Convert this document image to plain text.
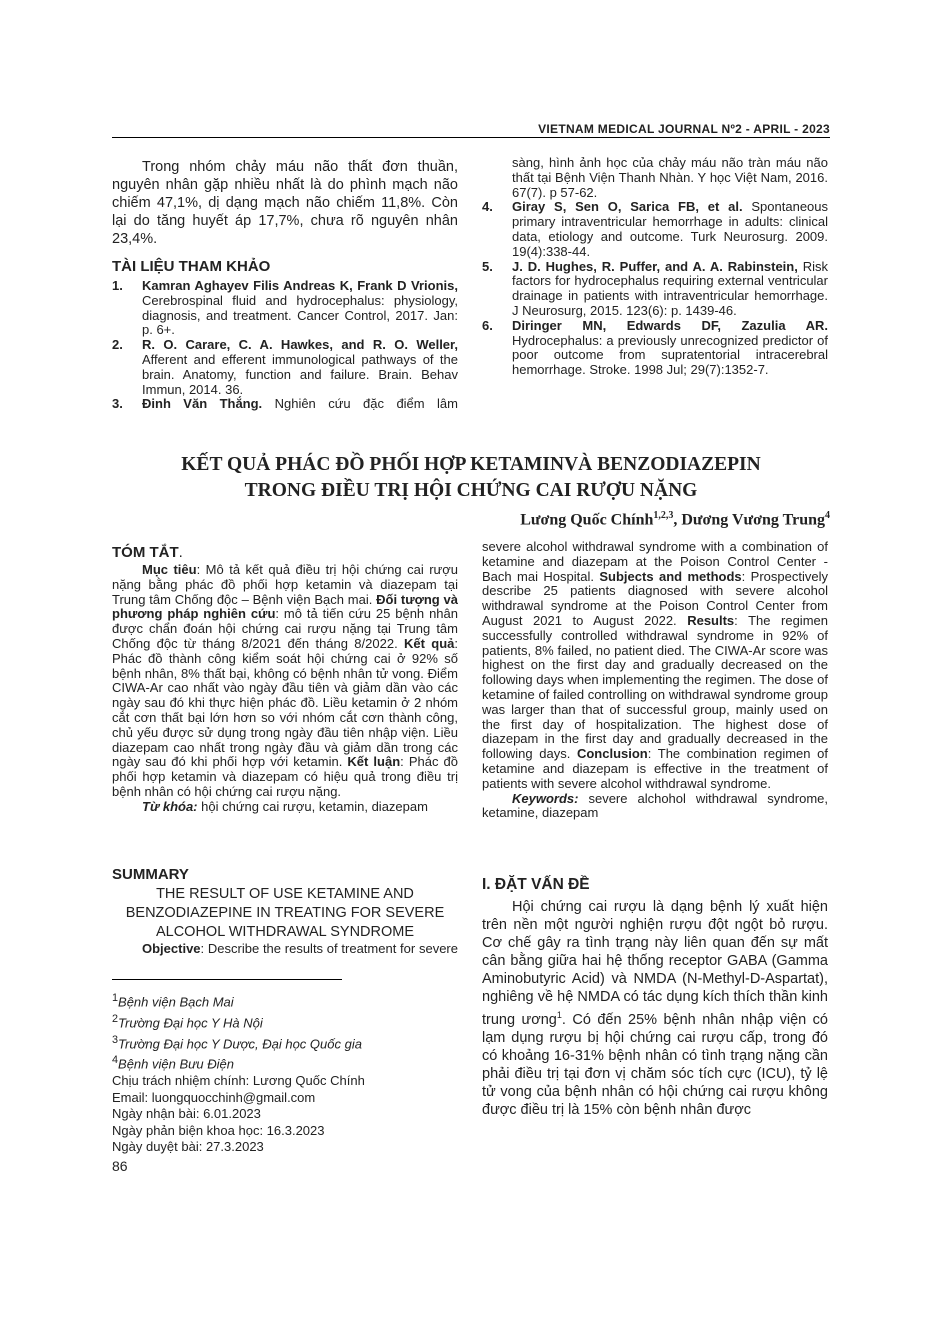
VIETNAM MEDICAL JOURNAL Nº2 - APRIL - 2023
Trong nhóm chảy máu não thất đơn thuần, nguyên nhân gặp nhiều nhất là do phình mạch não chiếm 47,1%, dị dạng mạch não chiếm 11,8%. Còn lại do tăng huyết áp 17,7%, chưa rõ nguyên nhân 23,4%.
TÀI LIỆU THAM KHẢO

1.	Kamran Aghayev Filis Andreas K, Frank D Vrionis, Cerebrospinal fluid and hydrocephalus: physiology, diagnosis, and treatment. Cancer Control, 2017. Jan: p. 6+.

2.	R. O. Carare, C. A. Hawkes, and R. O. Weller, Afferent and efferent immunological pathways of the brain. Anatomy, function and failure. Brain. Behav Immun, 2014. 36.

3.	Đinh Văn Thắng. Nghiên cứu đặc điểm lâm

sàng, hình ảnh học của chảy máu não tràn máu não thất tại Bệnh Viện Thanh Nhàn. Y học Việt Nam, 2016. 67(7). p 57-62.

4.	Giray S, Sen O, Sarica FB, et al. Spontaneous primary intraventricular hemorrhage in adults: clinical data, etiology and outcome. Turk Neurosurg. 2009. 19(4):338-44.

5.	J. D. Hughes, R. Puffer, and A. A. Rabinstein, Risk factors for hydrocephalus requiring external ventricular drainage in patients with intraventricular hemorrhage. J Neurosurg, 2015. 123(6): p. 1439-46.

6.	Diringer MN, Edwards DF, Zazulia AR. Hydrocephalus: a previously unrecognized predictor of poor outcome from supratentorial intracerebral hemorrhage. Stroke. 1998 Jul; 29(7):1352-7.

KẾT QUẢ PHÁC ĐỒ PHỐI HỢP KETAMINVÀ BENZODIAZEPIN
TRONG ĐIỀU TRỊ HỘI CHỨNG CAI RƯỢU NẶNG
Lương Quốc Chính$^{1,2,3}$, Dương Vương Trung$^4$
TÓM TẮT.
Mục tiêu: Mô tả kết quả điều trị hội chứng cai rượu nặng bằng phác đồ phối hợp ketamin và diazepam tại Trung tâm Chống độc – Bệnh viện Bạch mai. Đối tượng và phương pháp nghiên cứu: mô tả tiến cứu 25 bệnh nhân được chẩn đoán hội chứng cai rượu nặng tại Trung tâm Chống độc từ tháng 8/2021 đến tháng 8/2022. Kết quả: Phác đồ thành công kiểm soát hội chứng cai ở 92% số bệnh nhân, 8% thất bại, không có bệnh nhân tử vong. Điểm CIWA-Ar cao nhất vào ngày đầu tiên và giảm dần vào các ngày sau đó khi thực hiện phác đồ. Liều ketamin ở 2 nhóm cắt cơn thất bại lớn hơn so với nhóm cắt cơn thành công, chủ yếu được sử dụng trong ngày đầu tiên nhập viện. Liều diazepam cao nhất trong ngày đầu và giảm dần trong các ngày sau đó khi phối hợp với ketamin. Kết luận: Phác đồ phối hợp ketamin và diazepam có hiệu quả trong điều trị bệnh nhân có hội chứng cai rượu nặng.
Từ khóa: hội chứng cai rượu, ketamin, diazepam
SUMMARY
THE RESULT OF USE KETAMINE AND BENZODIAZEPINE IN TREATING FOR SEVERE ALCOHOL WITHDRAWAL SYNDROME
Objective: Describe the results of treatment for severe
$^1$Bệnh viện Bạch Mai
$^2$Trường Đại học Y Hà Nội
$^3$Trường Đại học Y Dược, Đại học Quốc gia
$^4$Bệnh viện Bưu Điện
Chịu trách nhiệm chính: Lương Quốc Chính
Email: luongquocchinh@gmail.com
Ngày nhận bài: 6.01.2023
Ngày phản biện khoa học: 16.3.2023
Ngày duyệt bài: 27.3.2023
86
severe alcohol withdrawal syndrome with a combination of ketamine and diazepam at the Poison Control Center - Bach mai Hospital. Subjects and methods: Prospectively describe 25 patients diagnosed with severe alcohol withdrawal syndrome at the Poison Control Center from August 2021 to August 2022. Results: The regimen successfully controlled withdrawal syndrome in 92% of patients, 8% failed, no patient died. The CIWA-Ar score was highest on the first day and gradually decreased on the following days when implementing the regimen. The dose of ketamine of failed controlling on withdrawal syndrome group was larger than that of successful group, mainly used on the first day of hospitalization. The highest dose of diazepam in the first day and gradually decreased in the following days. Conclusion: The combination regimen of ketamine and diazepam is effective in the treatment of patients with severe alcohol withdrawal syndrome.
Keywords: severe alchohol withdrawal syndrome, ketamine, diazepam
I. ĐẶT VẤN ĐỀ
Hội chứng cai rượu là dạng bệnh lý xuất hiện trên nền một người nghiện rượu đột ngột bỏ rượu. Cơ chế gây ra tình trạng này liên quan đến sự mất cân bằng giữa hai hệ thống receptor GABA (Gamma Aminobutyric Acid) và NMDA (N-Methyl-D-Aspartat), nghiêng về hệ NMDA có tác dụng kích thích thần kinh trung ương$^1$. Có đến 25% bệnh nhân nhập viện có lạm dụng rượu bị hội chứng cai rượu cấp, trong đó có khoảng 16-31% bệnh nhân có tình trạng nặng cần phải điều trị tại đơn vị chăm sóc tích cực (ICU), tỷ lệ tử vong của bệnh nhân có hội chứng cai rượu không được điều trị là 15% còn bệnh nhân được
